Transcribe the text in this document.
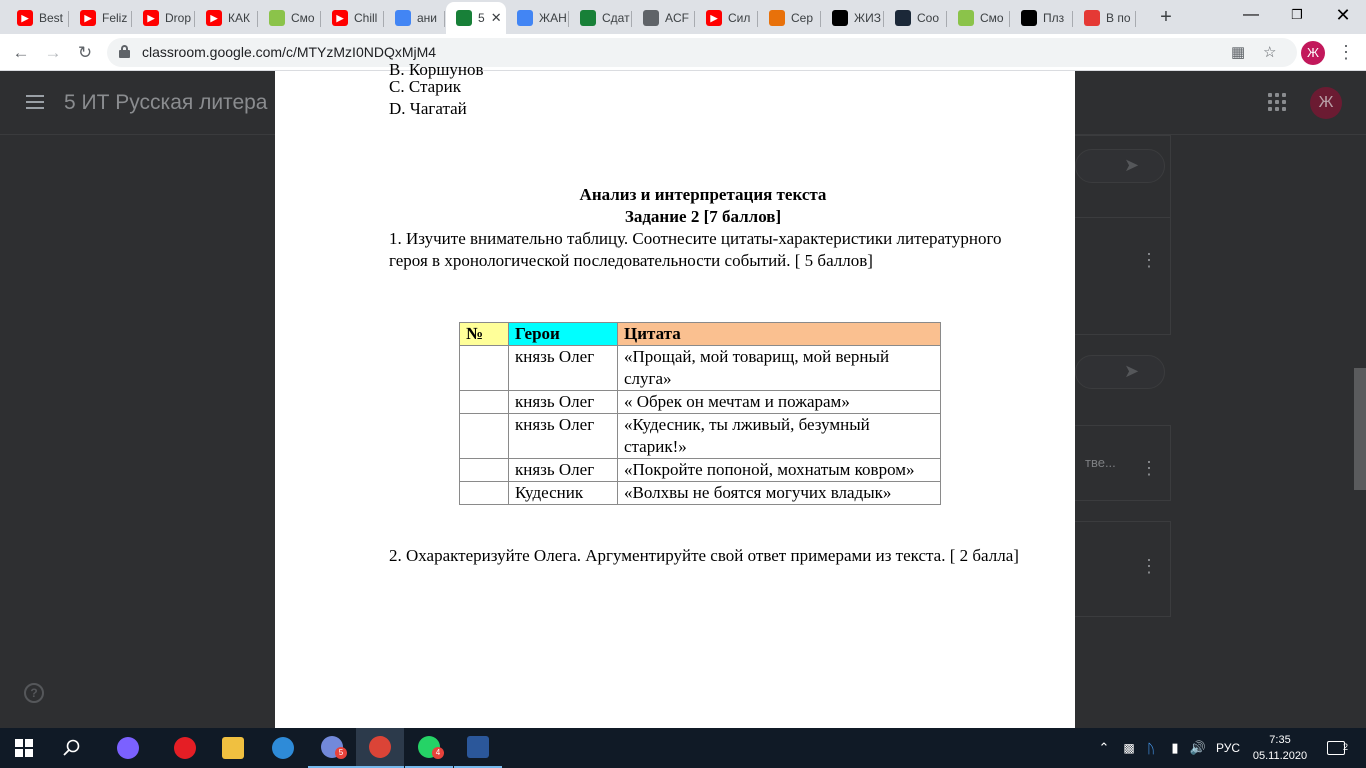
+	—	❐	✕
▶ Best	▶ Feliz	▶ Drop	▶ КАК	Смо	▶ Chill	ани	5 ✕	ЖАН	Сдат	ACF	▶ Сил	Сер	ЖИЗ	Соо	Смо	Плз	В по
← → ↻	classroom.google.com/c/MTYzMzI0NDQxMjM4	▦ ☆	Ж	⋮
5 ИТ Русская литера	Ж
➤
⋮
➤
тве... ⋮
⋮
?

В. Коршунов

С. Старик

D. Чагатай

Анализ и интерпретация текста

Задание 2 [7 баллов]

1. Изучите внимательно таблицу. Соотнесите цитаты-характеристики литературного героя в хронологической последовательности событий. [ 5 баллов]

№	Герои	Цитата
	князь Олег	«Прощай, мой товарищ, мой верный слуга»
	князь Олег	« Обрек он мечтам и пожарам»
	князь Олег	«Кудесник, ты лживый, безумный старик!»
	князь Олег	«Покройте попоной, мохнатым ковром»
	Кудесник	«Волхвы не боятся могучих владык»

2. Охарактеризуйте Олега. Аргументируйте свой ответ примерами из текста. [ 2 балла]

⌃	▩ ᚢ	▮ 🔊 РУС
7:35
05.11.2020
2
5	4
